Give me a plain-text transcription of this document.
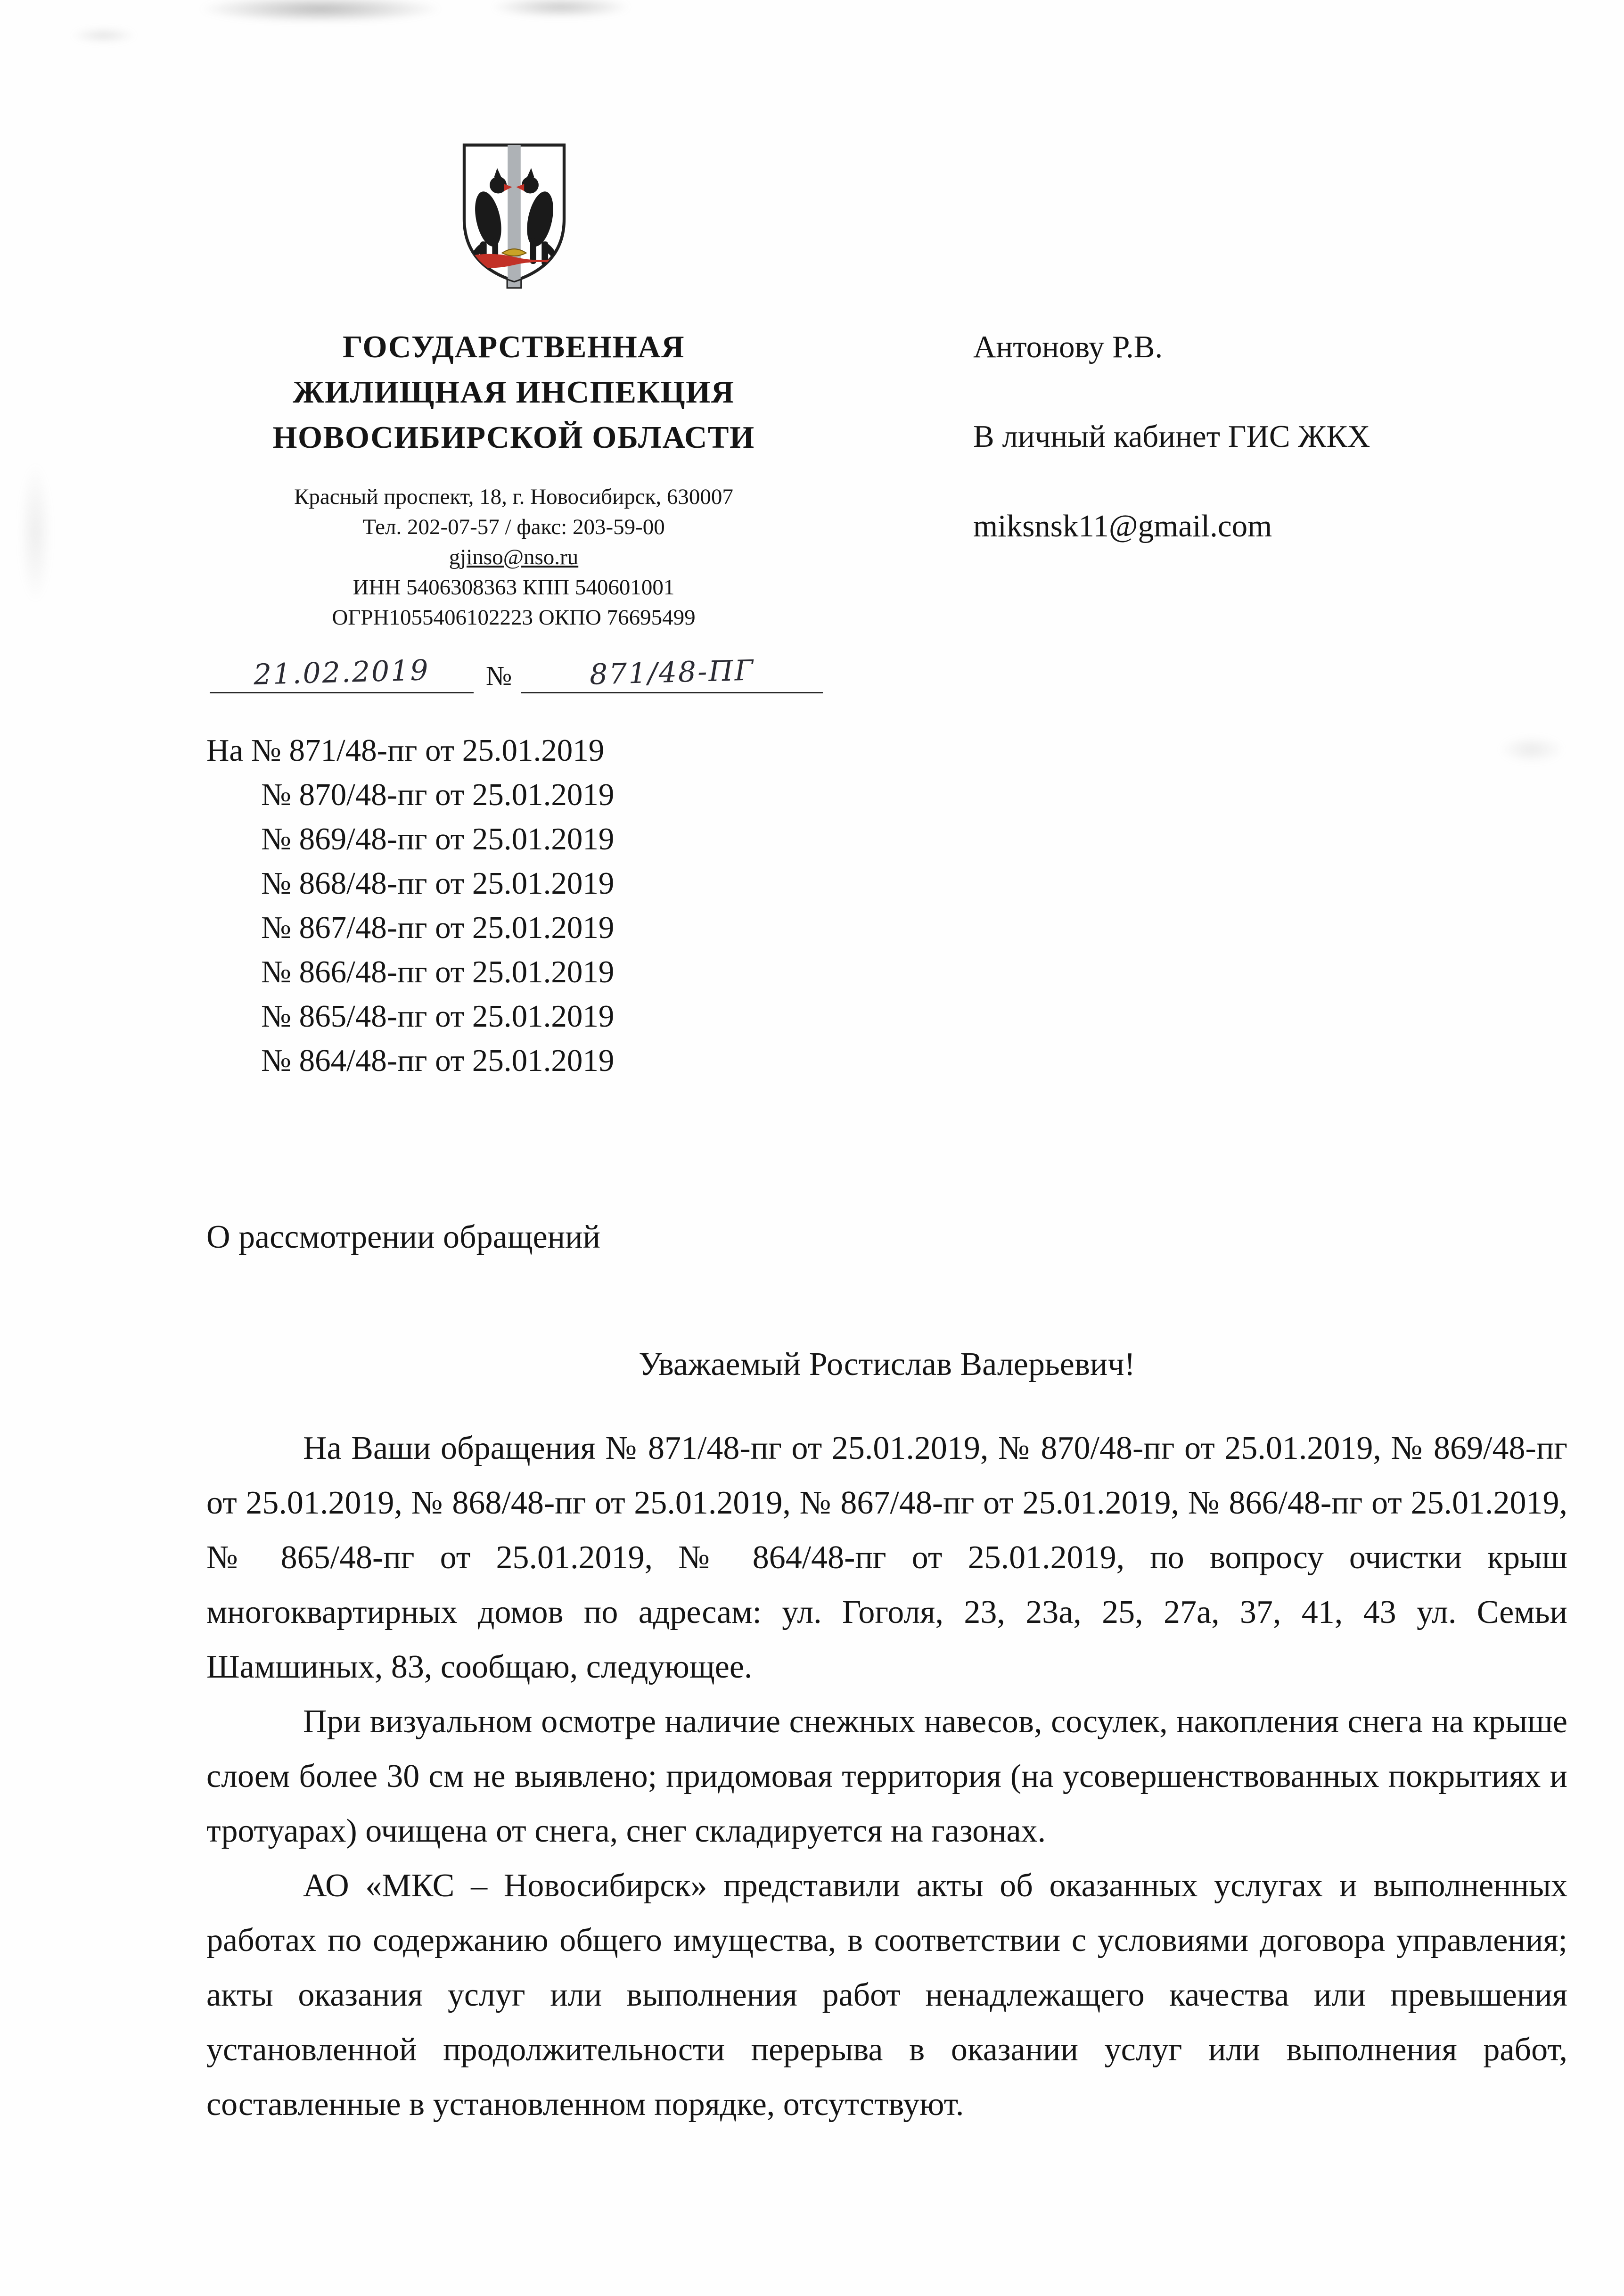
ГОСУДАРСТВЕННАЯ
ЖИЛИЩНАЯ ИНСПЕКЦИЯ
НОВОСИБИРСКОЙ ОБЛАСТИ
Красный проспект, 18, г. Новосибирск, 630007
Тел. 202-07-57 / факс: 203-59-00
gjinso@nso.ru
ИНН 5406308363 КПП 540601001
ОГРН1055406102223 ОКПО 76695499
21.02.2019	№	871/48-ПГ
Антонову Р.В.
В личный кабинет ГИС ЖКХ
miksnsk11@gmail.com
На № 871/48-пг от 25.01.2019
№ 870/48-пг от 25.01.2019
№ 869/48-пг от 25.01.2019
№ 868/48-пг от 25.01.2019
№ 867/48-пг от 25.01.2019
№ 866/48-пг от 25.01.2019
№ 865/48-пг от 25.01.2019
№ 864/48-пг от 25.01.2019
О рассмотрении обращений
Уважаемый Ростислав Валерьевич!

На Ваши обращения № 871/48-пг от 25.01.2019, № 870/48-пг от 25.01.2019, № 869/48-пг от 25.01.2019, № 868/48-пг от 25.01.2019, № 867/48-пг от 25.01.2019, № 866/48-пг от 25.01.2019, № 865/48-пг от 25.01.2019, № 864/48-пг от 25.01.2019, по вопросу очистки крыш многоквартирных домов по адресам: ул. Гоголя, 23, 23а, 25, 27а, 37, 41, 43 ул. Семьи Шамшиных, 83, сообщаю, следующее.

При визуальном осмотре наличие снежных навесов, сосулек, накопления снега на крыше слоем более 30 см не выявлено; придомовая территория (на усовершенствованных покрытиях и тротуарах) очищена от снега, снег складируется на газонах.

АО «МКС – Новосибирск» представили акты об оказанных услугах и выполненных работах по содержанию общего имущества, в соответствии с условиями договора управления; акты оказания услуг или выполнения работ ненадлежащего качества или превышения установленной продолжительности перерыва в оказании услуг или выполнения работ, составленные в установленном порядке, отсутствуют.
